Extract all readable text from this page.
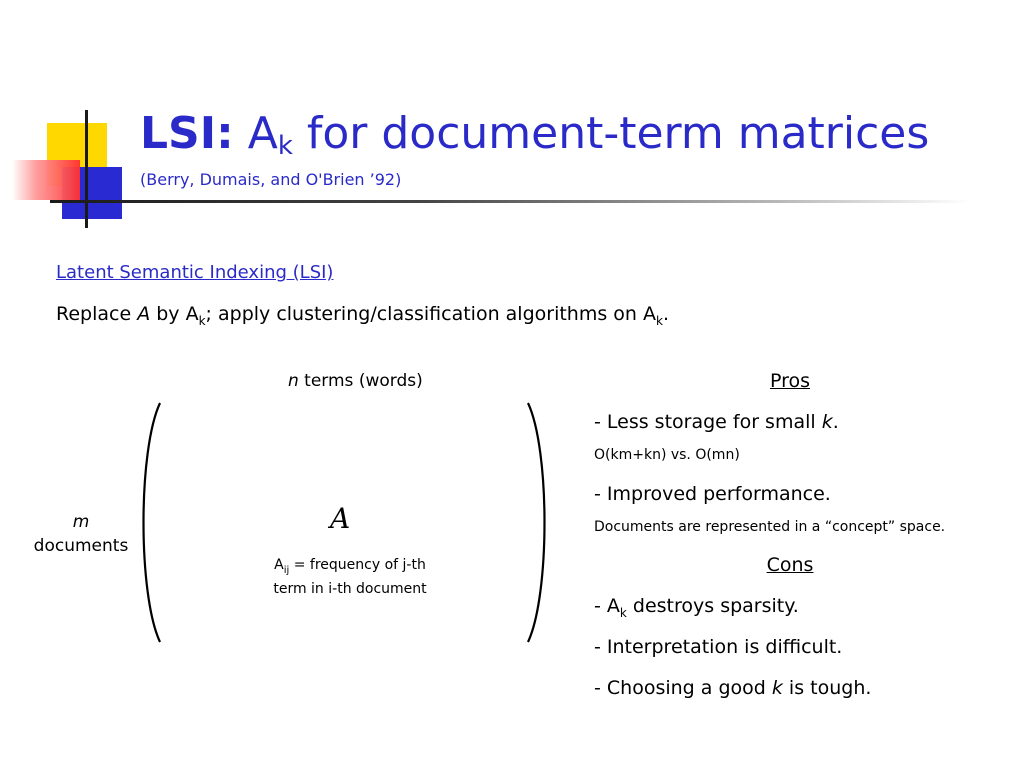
LSI: $A_k$ for document-term matrices
(Berry, Dumais, and O'Brien ’92)
Latent Semantic Indexing (LSI)
Replace A by $A_k$; apply clustering/classification algorithms on $A_k$.
n terms (words)
m
documents
A
$A_{ij}$ = frequency of j-th
term in i-th document
Pros
- Less storage for small k.
O(km+kn) vs. O(mn)
- Improved performance.
Documents are represented in a “concept” space.
Cons
- $A_k$ destroys sparsity.
- Interpretation is difficult.
- Choosing a good k is tough.
